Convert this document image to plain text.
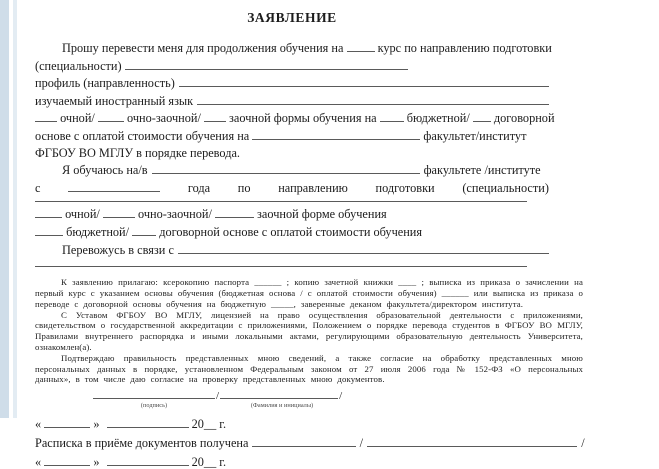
ЗАЯВЛЕНИЕ
Прошу перевести меня для продолжения обучения на	курс по направлению подготовки
(специальности)
профиль (направленность)
изучаемый иностранный язык
очной/	очно-заочной/ заочной формы обучения на бюджетной/ договорной
основе с оплатой стоимости обучения на	факультет/институт
ФГБОУ ВО МГЛУ в порядке перевода.
Я обучаюсь на/в	факультете /институте
с	года по направлению подготовки (специальности)
очной/	очно-заочной/	заочной форме обучения
бюджетной/ договорной основе с оплатой стоимости обучения
Перевожусь в связи с

К заявлению прилагаю: ксерокопию паспорта ______ ; копию зачетной книжки ____ ; выписка из приказа о зачислении на первый курс с указанием основы обучения (бюджетная основа / с оплатой стоимости обучения) ______ или выписка из приказа о переводе с договорной основы обучения на бюджетную _____, заверенные деканом факультета/директором института.

С Уставом ФГБОУ ВО МГЛУ, лицензией на право осуществления образовательной деятельности с приложениями, свидетельством о государственной аккредитации с приложениями, Положением о порядке перевода студентов в ФГБОУ ВО МГЛУ, Правилами внутреннего распорядка и иными локальными актами, регулирующими образовательную деятельность Университета, ознакомлен(а).

Подтверждаю правильность представленных мною сведений, а также согласие на обработку представленных мною персональных данных в порядке, установленном Федеральным законом от 27 июля 2006 года № 152-ФЗ «О персональных данных», в том числе даю согласие на проверку представленных мною документов.

/	/
(подпись)	(Фамилия и инициалы)
«	»	20__ г.
Расписка в приёме документов получена	/	/
«	»	20__ г.
